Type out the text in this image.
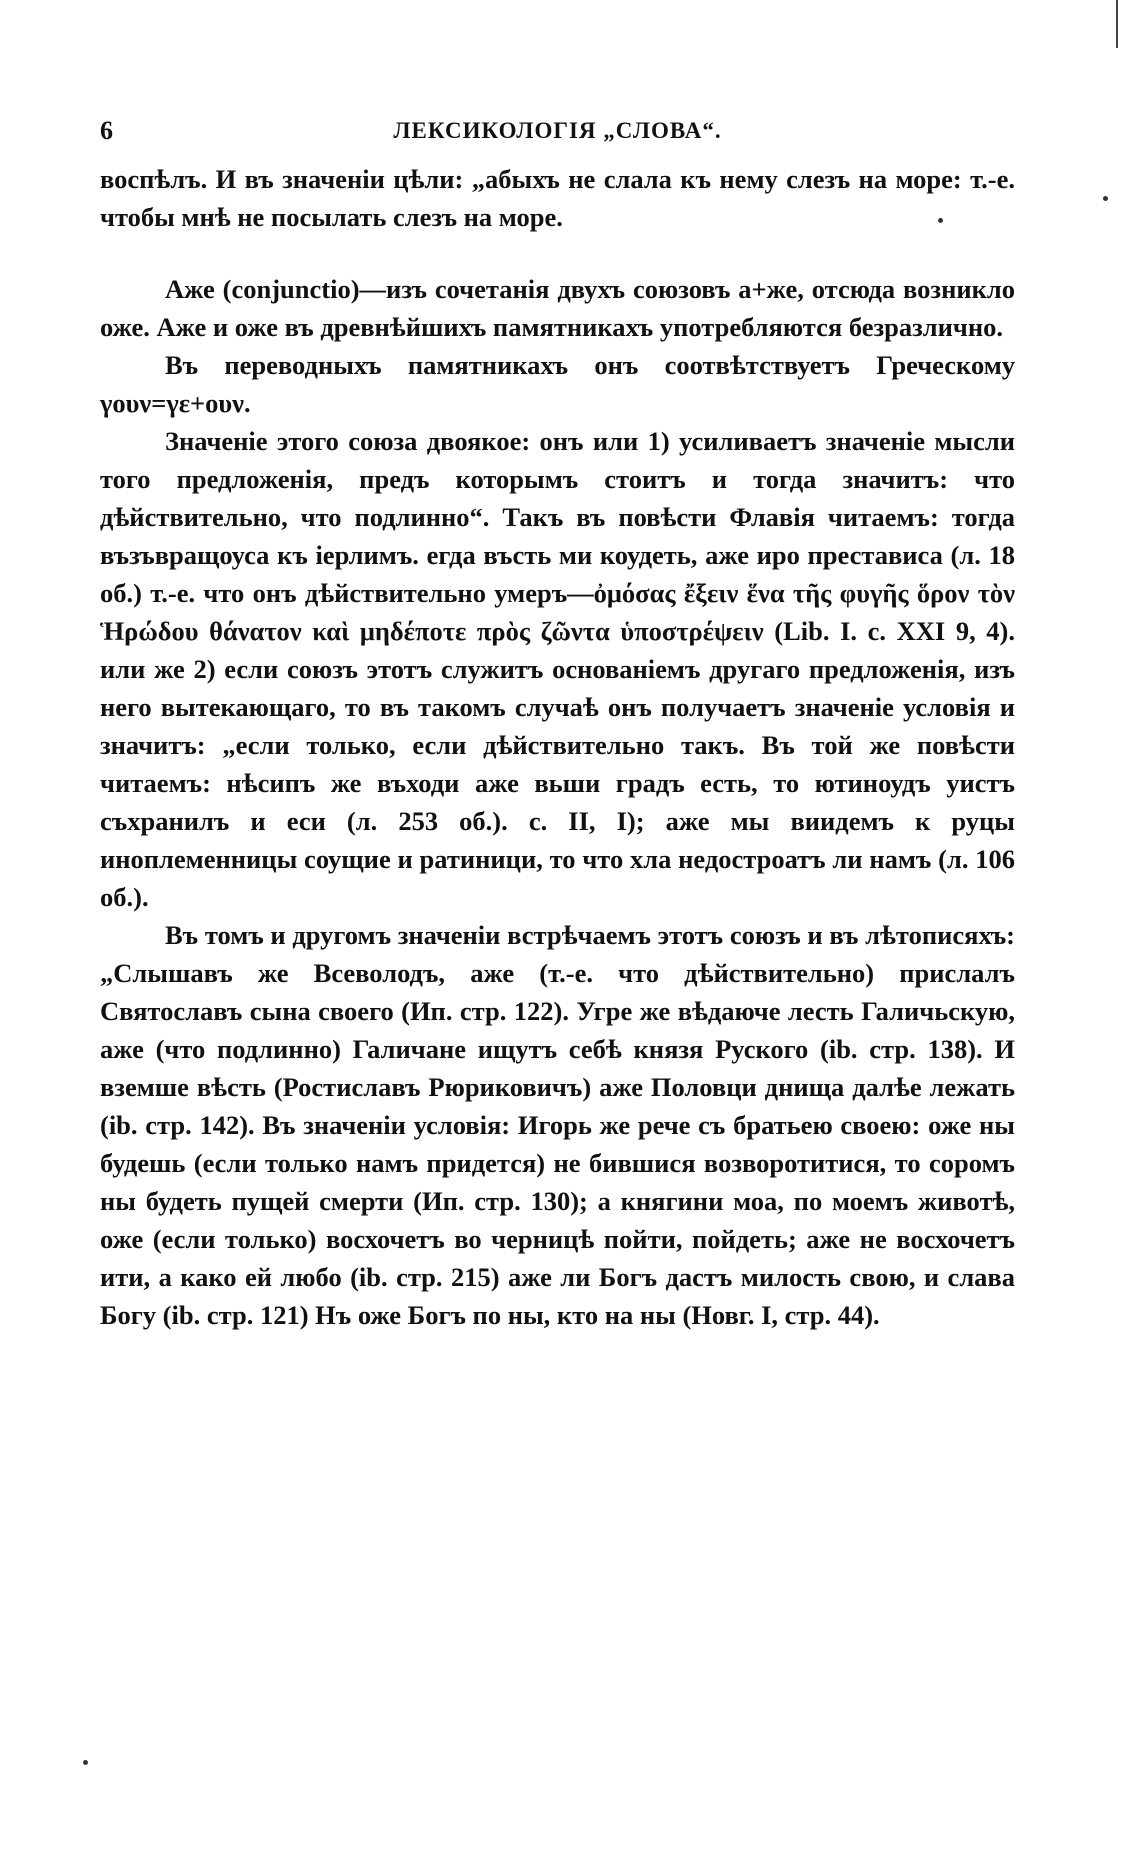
6	ЛЕКСИКОЛОГІЯ „СЛОВА“.

воспѣлъ. И въ значеніи цѣли: „абыхъ не слала къ нему слезъ на море: т.-е. чтобы мнѣ не посылать слезъ на море.

Аже (conjunctio)—изъ сочетанія двухъ союзовъ а+же, отсюда возникло оже. Аже и оже въ древнѣйшихъ памятникахъ употребляются безразлично.

Въ переводныхъ памятникахъ онъ соотвѣтствуетъ Греческому γουν=γε+ουν.

Значеніе этого союза двоякое: онъ или 1) усиливаетъ значеніе мысли того предложенія, предъ которымъ стоитъ и тогда значитъ: что дѣйствительно, что подлинно“. Такъ въ повѣсти Флавія читаемъ: тогда възъвращоуса къ іерлимъ. егда въсть ми коудеть, аже иро престависа (л. 18 об.) т.-е. что онъ дѣйствительно умеръ—ὀμόσας ἔξειν ἕνα τῆς φυγῆς ὅρον τὸν Ἡρώδου θάνατον καὶ μηδέποτε πρὸς ζῶντα ὑποστρέψειν (Lib. I. c. XXI 9, 4). или же 2) если союзъ этотъ служитъ основаніемъ другаго предложенія, изъ него вытекающаго, то въ такомъ случаѣ онъ получаетъ значеніе условія и значитъ: „если только, если дѣйствительно такъ. Въ той же повѣсти читаемъ: нѣсипъ же въходи аже вьши градъ есть, то ютиноудъ уистъ съхранилъ и еси (л. 253 об.). с. II, I); аже мы виидемъ к руцы иноплеменницы соущие и ратиници, то что хла недостроатъ ли намъ (л. 106 об.).

Въ томъ и другомъ значеніи встрѣчаемъ этотъ союзъ и въ лѣтописяхъ: „Слышавъ же Всеволодъ, аже (т.-е. что дѣйствительно) прислалъ Святославъ сына своего (Ип. стр. 122). Угре же вѣдаюче лесть Галичьскую, аже (что подлинно) Галичане ищутъ себѣ князя Руского (ib. стр. 138). И вземше вѣсть (Ростиславъ Рюриковичъ) аже Половци днища далѣе лежать (ib. стр. 142). Въ значеніи условія: Игорь же рече съ братьею своею: оже ны будешь (если только намъ придется) не бившися возворотитися, то соромъ ны будеть пущей смерти (Ип. стр. 130); а княгини моа, по моемъ животѣ, оже (если только) восхочетъ во черницѣ пойти, пойдеть; аже не восхочетъ ити, а како ей любо (ib. стр. 215) аже ли Богъ дастъ милость свою, и слава Богу (ib. стр. 121) Нъ оже Богъ по ны, кто на ны (Новг. I, стр. 44).
